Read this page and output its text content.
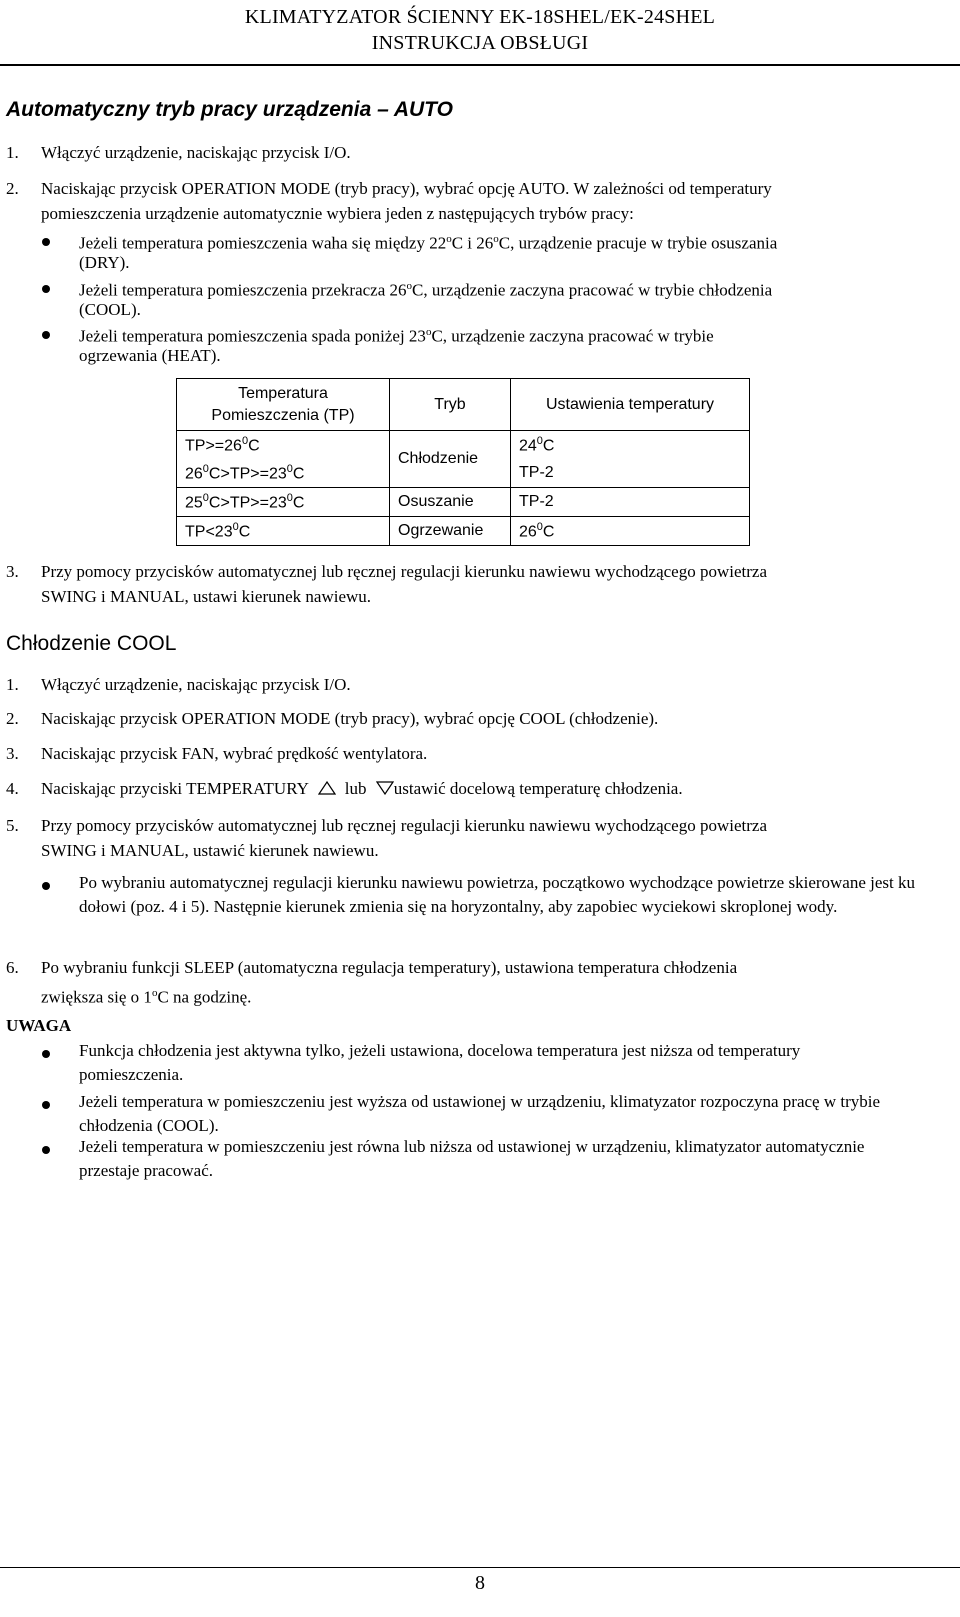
KLIMATYZATOR ŚCIENNY EK-18SHEL/EK-24SHEL
INSTRUKCJA OBSŁUGI
Automatyczny tryb pracy urządzenia – AUTO
1. Włączyć urządzenie, naciskając przycisk I/O.
2. Naciskając przycisk OPERATION MODE (tryb pracy), wybrać opcję AUTO. W zależności od temperatury
pomieszczenia urządzenie automatycznie wybiera jeden z następujących trybów pracy:
Jeżeli temperatura pomieszczenia waha się między 22$^o$C i 26$^o$C, urządzenie pracuje w trybie osuszania
(DRY).
Jeżeli temperatura pomieszczenia przekracza 26$^o$C, urządzenie zaczyna pracować w trybie chłodzenia
(COOL).
Jeżeli temperatura pomieszczenia spada poniżej 23$^o$C, urządzenie zaczyna pracować w trybie
ogrzewania (HEAT).
Temperatura
Pomieszczenia (TP)	Tryb	Ustawienia temperatury
$TP>=26^0C$	Chłodzenie	$24^0C$
$26^0C>TP>=23^0C$		TP-2
$25^0C>TP>=23^0C$	Osuszanie	TP-2
$TP<23^0C$	Ogrzewanie	$26^0C$
3. Przy pomocy przycisków automatycznej lub ręcznej regulacji kierunku nawiewu wychodzącego powietrza
SWING i MANUAL, ustawi kierunek nawiewu.
Chłodzenie COOL
1. Włączyć urządzenie, naciskając przycisk I/O.
2. Naciskając przycisk OPERATION MODE (tryb pracy), wybrać opcję COOL (chłodzenie).
3. Naciskając przycisk FAN, wybrać prędkość wentylatora.
4. Naciskając przyciski TEMPERATURY lub ustawić docelową temperaturę chłodzenia.
5. Przy pomocy przycisków automatycznej lub ręcznej regulacji kierunku nawiewu wychodzącego powietrza
SWING i MANUAL, ustawić kierunek nawiewu.
Po wybraniu automatycznej regulacji kierunku nawiewu powietrza, początkowo wychodzące powietrze skierowane jest ku dołowi (poz. 4 i 5). Następnie kierunek zmienia się na horyzontalny, aby zapobiec wyciekowi skroplonej wody.
6. Po wybraniu funkcji SLEEP (automatyczna regulacja temperatury), ustawiona temperatura chłodzenia
zwiększa się o 1$^o$C na godzinę.
UWAGA
Funkcja chłodzenia jest aktywna tylko, jeżeli ustawiona, docelowa temperatura jest niższa od temperatury pomieszczenia.
Jeżeli temperatura w pomieszczeniu jest wyższa od ustawionej w urządzeniu, klimatyzator rozpoczyna pracę w trybie chłodzenia (COOL).
Jeżeli temperatura w pomieszczeniu jest równa lub niższa od ustawionej w urządzeniu, klimatyzator automatycznie przestaje pracować.
8
